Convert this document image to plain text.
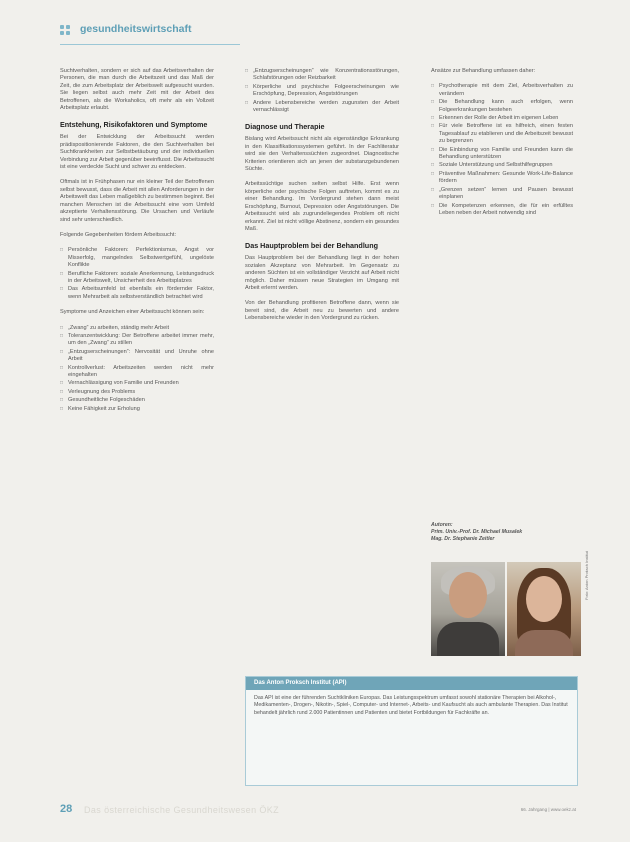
gesundheitswirtschaft

Suchtverhalten, sondern er sich auf das Arbeitsverhalten der Personen, die man durch die Arbeitszeit und das Maß der Zeit, die zum Arbeitsplatz der Arbeitswelt aufgesucht wurden. Sie liegen selbst auch mehr Zeit mit der Arbeit des Betroffenen, als die Workaholics, oft mehr als ein Vollzeit Arbeitsplatz erlaubt.

Entstehung, Risikofaktoren und Symptome

Bei der Entwicklung der Arbeitssucht werden prädispositionierende Faktoren, die den Suchtverhalten bei Suchtkrankheiten zur Selbstbetäubung und der individuellen Verbindung zur Arbeit gegenüber beeinflusst. Die Arbeitssucht ist eine verdeckte Sucht und schwer zu entdecken.

Oftmals ist in Frühphasen nur ein kleiner Teil der Betroffenen selbst bewusst, dass die Arbeit mit allen Anforderungen in der Arbeitswelt das Leben maßgeblich zu bestimmen beginnt. Bei manchen Menschen ist die Arbeitssucht eine vom Umfeld akzeptierte Verhaltensstörung. Die Ursachen und Verläufe sind sehr unterschiedlich.

Folgende Gegebenheiten fördern Arbeitssucht:

□ Persönliche Faktoren: Perfektionismus, Angst vor Misserfolg, mangelndes Selbstwertgefühl, ungelöste Konflikte
□ Berufliche Faktoren: soziale Anerkennung, Leistungsdruck in der Arbeitswelt, Unsicherheit des Arbeitsplatzes
□ Das Arbeitsumfeld ist ebenfalls ein fördernder Faktor, wenn Mehrarbeit als selbstverständlich betrachtet wird

Symptome und Anzeichen einer Arbeitssucht können sein:

□ „Zwang“ zu arbeiten, ständig mehr Arbeit
□ Toleranzentwicklung: Der Betroffene arbeitet immer mehr, um den „Zwang“ zu stillen
□ „Entzugserscheinungen“: Nervosität und Unruhe ohne Arbeit
□ Kontrollverlust: Arbeitszeiten werden nicht mehr eingehalten
□ Vernachlässigung von Familie und Freunden
□ Verleugnung des Problems
□ Gesundheitliche Folgeschäden
□ Keine Fähigkeit zur Erholung
□ „Entzugserscheinungen“ wie Konzentrationsstörungen, Schlafstörungen oder Reizbarkeit
□ Körperliche und psychische Folgeerscheinungen wie Erschöpfung, Depression, Angststörungen
□ Andere Lebensbereiche werden zugunsten der Arbeit vernachlässigt
Diagnose und Therapie

Bislang wird Arbeitssucht nicht als eigenständige Erkrankung in den Klassifikationssystemen geführt. In der Fachliteratur wird sie den Verhaltenssüchten zugeordnet. Diagnostische Kriterien orientieren sich an jenen der substanzgebundenen Süchte.

Arbeitssüchtige suchen selten selbst Hilfe. Erst wenn körperliche oder psychische Folgen auftreten, kommt es zu einer Behandlung. Im Vordergrund stehen dann meist Erschöpfung, Burnout, Depression oder Angststörungen. Die Arbeitssucht wird als zugrundeliegendes Problem oft nicht erkannt. Ziel ist nicht völlige Abstinenz, sondern ein gesundes Maß.

Das Hauptproblem bei der Behandlung

Das Hauptproblem bei der Behandlung liegt in der hohen sozialen Akzeptanz von Mehrarbeit. Im Gegensatz zu anderen Süchten ist ein vollständiger Verzicht auf Arbeit nicht möglich. Daher müssen neue Strategien im Umgang mit Arbeit erlernt werden.

Von der Behandlung profitieren Betroffene dann, wenn sie bereit sind, die Arbeit neu zu bewerten und andere Lebensbereiche wieder in den Vordergrund zu rücken.

Ansätze zur Behandlung umfassen daher:

□ Psychotherapie mit dem Ziel, Arbeitsverhalten zu verändern
□ Die Behandlung kann auch erfolgen, wenn Folgeerkrankungen bestehen
□ Erkennen der Rolle der Arbeit im eigenen Leben
□ Für viele Betroffene ist es hilfreich, einen festen Tagesablauf zu etablieren und die Arbeitszeit bewusst zu begrenzen
□ Die Einbindung von Familie und Freunden kann die Behandlung unterstützen
□ Soziale Unterstützung und Selbsthilfegruppen
□ Präventive Maßnahmen: Gesunde Work-Life-Balance fördern
□ „Grenzen setzen“ lernen und Pausen bewusst einplanen
□ Die Kompetenzen erkennen, die für ein erfülltes Leben neben der Arbeit notwendig sind
Autoren:
Prim. Univ.-Prof. Dr. Michael Musalek
Mag. Dr. Stephanie Zeitler
Foto: Anton Proksch Institut
Das Anton Proksch Institut (API)
Das API ist eine der führenden Suchtkliniken Europas. Das Leistungsspektrum umfasst sowohl stationäre Therapien bei Alkohol-, Medikamenten-, Drogen-, Nikotin-, Spiel-, Computer- und Internet-, Arbeits- und Kaufsucht als auch ambulante Therapien. Das Institut behandelt jährlich rund 2.000 Patientinnen und Patienten und bietet Fortbildungen für Fachkräfte an.
28 Das österreichische Gesundheitswesen ÖKZ	66. Jahrgang | www.oekz.at
